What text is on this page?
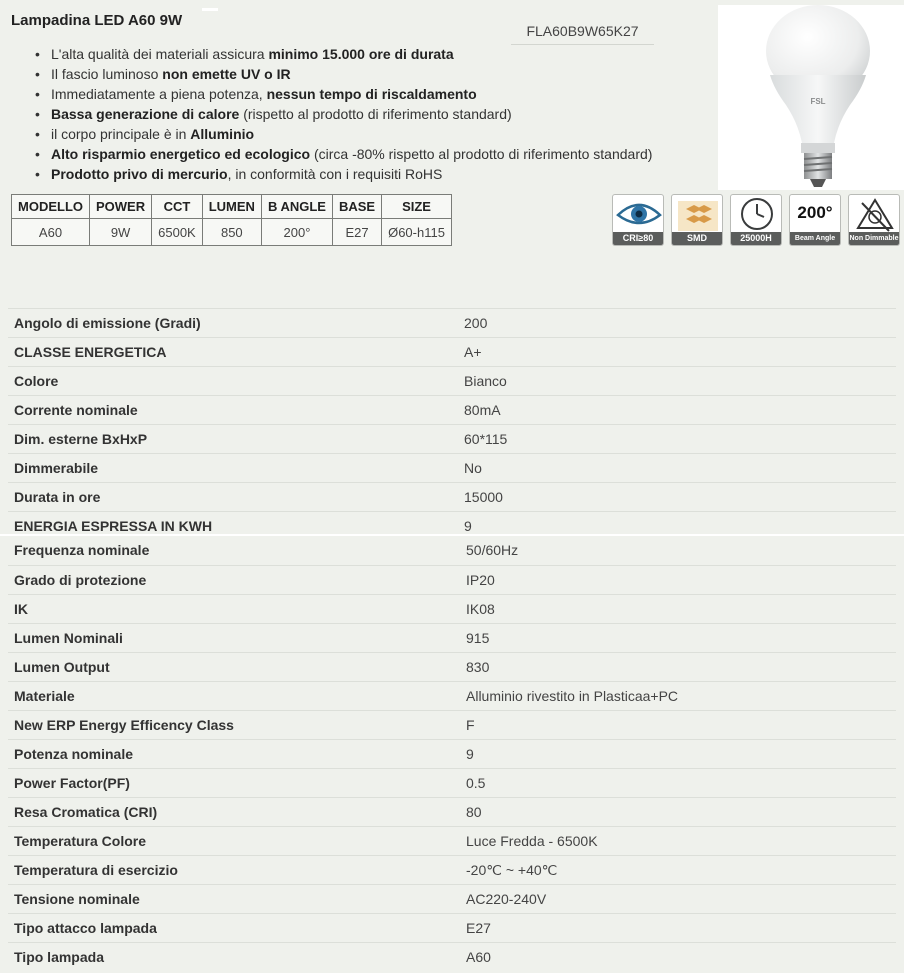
Lampadina LED A60 9W
FLA60B9W65K27
• L'alta qualità dei materiali assicura minimo 15.000 ore di durata
• Il fascio luminoso non emette UV o IR
• Immediatamente a piena potenza, nessun tempo di riscaldamento
• Bassa generazione di calore (rispetto al prodotto di riferimento standard)
• il corpo principale è in Alluminio
• Alto risparmio energetico ed ecologico (circa -80% rispetto al prodotto di riferimento standard)
• Prodotto privo di mercurio, in conformità con i requisiti RoHS
MODELLO	POWER	CCT	LUMEN	B ANGLE	BASE	SIZE
A60	9W	6500K	850	200°	E27	Ø60-h115
FSL
CRI≥80	SMD	25000H
200°
Beam Angle	Non Dimmable
Angolo di emissione (Gradi)	200
CLASSE ENERGETICA	A+
Colore	Bianco
Corrente nominale	80mA
Dim. esterne BxHxP	60*115
Dimmerabile	No
Durata in ore	15000
ENERGIA ESPRESSA IN KWH	9
Frequenza nominale	50/60Hz
Grado di protezione	IP20
IK	IK08
Lumen Nominali	915
Lumen Output	830
Materiale	Alluminio rivestito in Plasticaa+PC
New ERP Energy Efficency Class	F
Potenza nominale	9
Power Factor(PF)	0.5
Resa Cromatica (CRI)	80
Temperatura Colore	Luce Fredda - 6500K
Temperatura di esercizio	-20℃ ~ +40℃
Tensione nominale	AC220-240V
Tipo attacco lampada	E27
Tipo lampada	A60
